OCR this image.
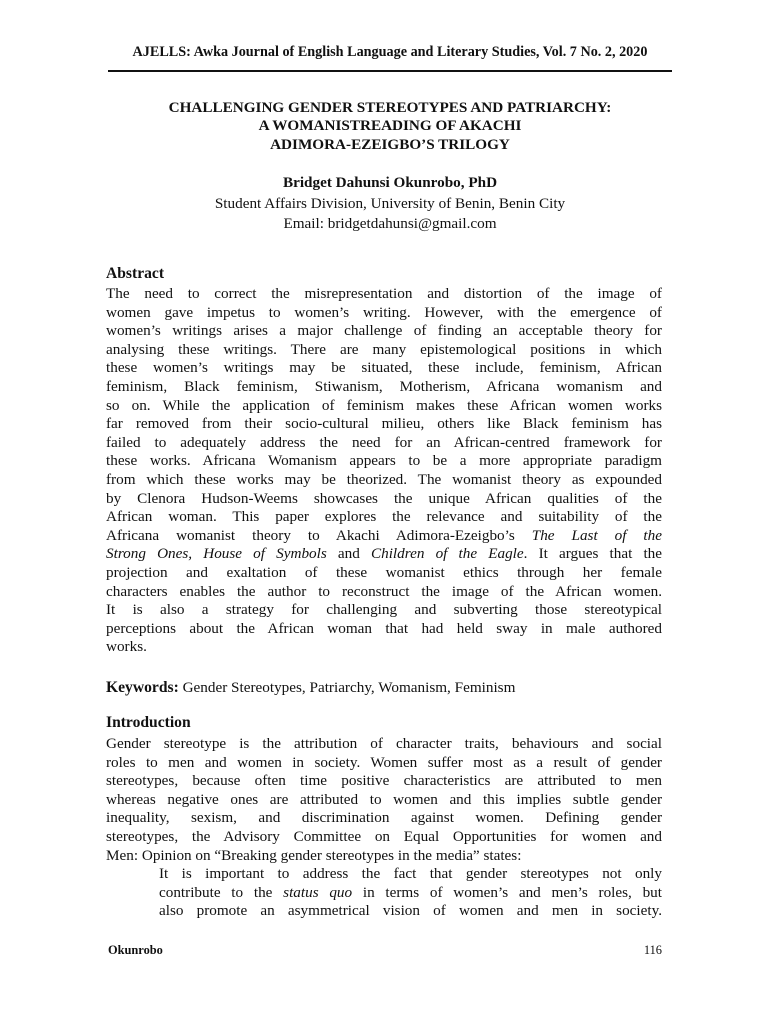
AJELLS: Awka Journal of English Language and Literary Studies, Vol. 7 No. 2, 2020
CHALLENGING GENDER STEREOTYPES AND PATRIARCHY:
A WOMANISTREADING OF AKACHI
ADIMORA-EZEIGBO’S TRILOGY
Bridget Dahunsi Okunrobo, PhD
Student Affairs Division, University of Benin, Benin City
Email: bridgetdahunsi@gmail.com
Abstract
The need to correct the misrepresentation and distortion of the image of
women gave impetus to women’s writing. However, with the emergence of
women’s writings arises a major challenge of finding an acceptable theory for
analysing these writings. There are many epistemological positions in which
these women’s writings may be situated, these include, feminism, African
feminism, Black feminism, Stiwanism, Motherism, Africana womanism and
so on. While the application of feminism makes these African women works
far removed from their socio-cultural milieu, others like Black feminism has
failed to adequately address the need for an African-centred framework for
these works. Africana Womanism appears to be a more appropriate paradigm
from which these works may be theorized. The womanist theory as expounded
by Clenora Hudson-Weems showcases the unique African qualities of the
African woman. This paper explores the relevance and suitability of the
Africana womanist theory to Akachi Adimora-Ezeigbo’s The Last of the
Strong Ones, House of Symbols and Children of the Eagle. It argues that the
projection and exaltation of these womanist ethics through her female
characters enables the author to reconstruct the image of the African women.
It is also a strategy for challenging and subverting those stereotypical
perceptions about the African woman that had held sway in male authored
works.
Keywords: Gender Stereotypes, Patriarchy, Womanism, Feminism
Introduction
Gender stereotype is the attribution of character traits, behaviours and social
roles to men and women in society. Women suffer most as a result of gender
stereotypes, because often time positive characteristics are attributed to men
whereas negative ones are attributed to women and this implies subtle gender
inequality, sexism, and discrimination against women. Defining gender
stereotypes, the Advisory Committee on Equal Opportunities for women and
Men: Opinion on “Breaking gender stereotypes in the media” states:
It is important to address the fact that gender stereotypes not only
contribute to the status quo in terms of women’s and men’s roles, but
also promote an asymmetrical vision of women and men in society.
Okunrobo	116
